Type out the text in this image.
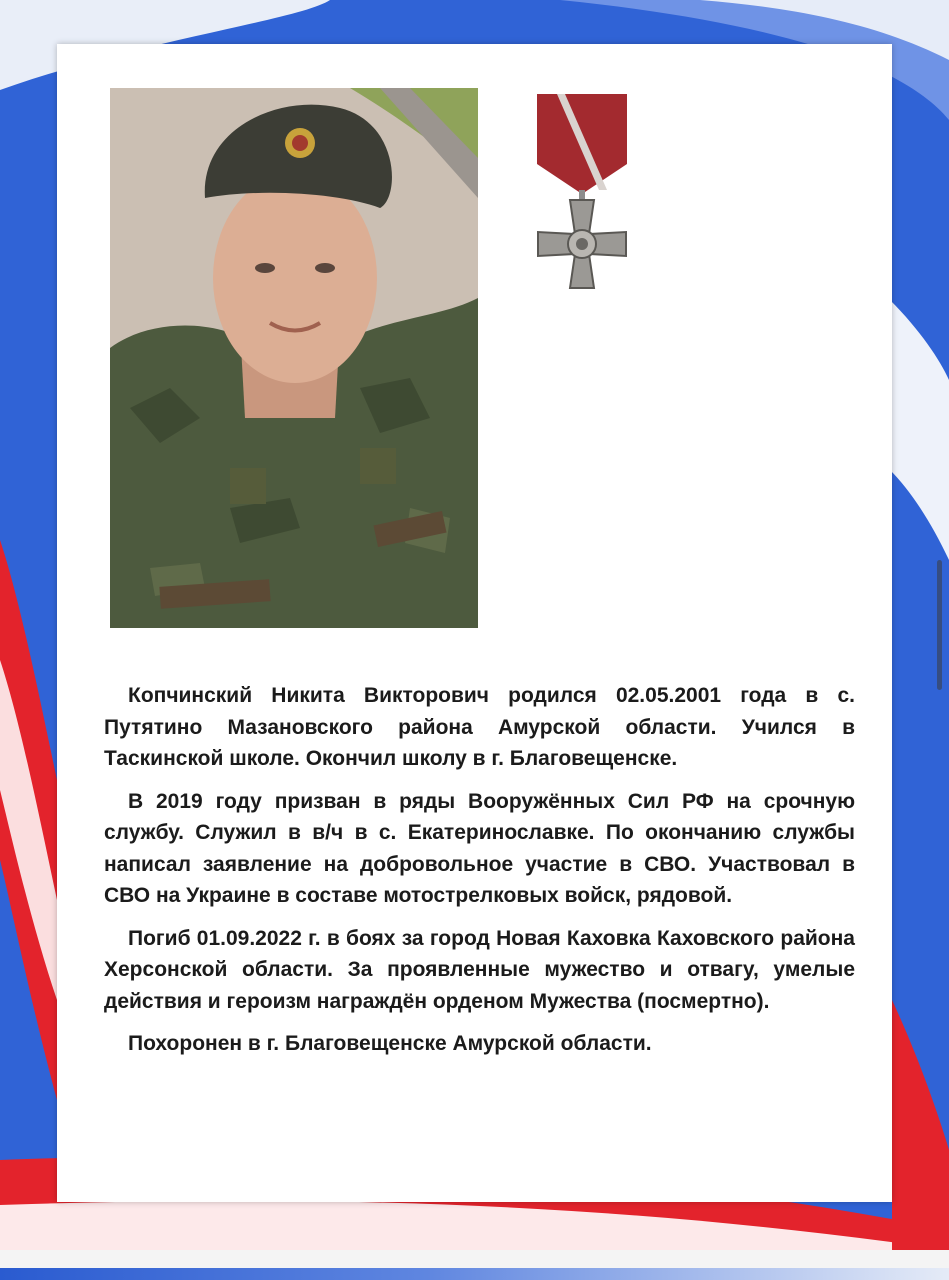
Копчинский Никита Викторович родился 02.05.2001 года в с. Путятино Мазановского района Амурской области. Учился в Таскинской школе. Окончил школу в г. Благовещенске.

В 2019 году призван в ряды Вооружённых Сил РФ на срочную службу. Служил в в/ч в с. Екатеринославке. По окончанию службы написал заявление на добровольное участие в СВО. Участвовал в СВО на Украине в составе мотострелковых войск, рядовой.

Погиб 01.09.2022 г. в боях за город Новая Каховка Каховского района Херсонской области. За проявленные мужество и отвагу, умелые действия и героизм награждён орденом Мужества (посмертно).

Похоронен в г. Благовещенске Амурской области.
